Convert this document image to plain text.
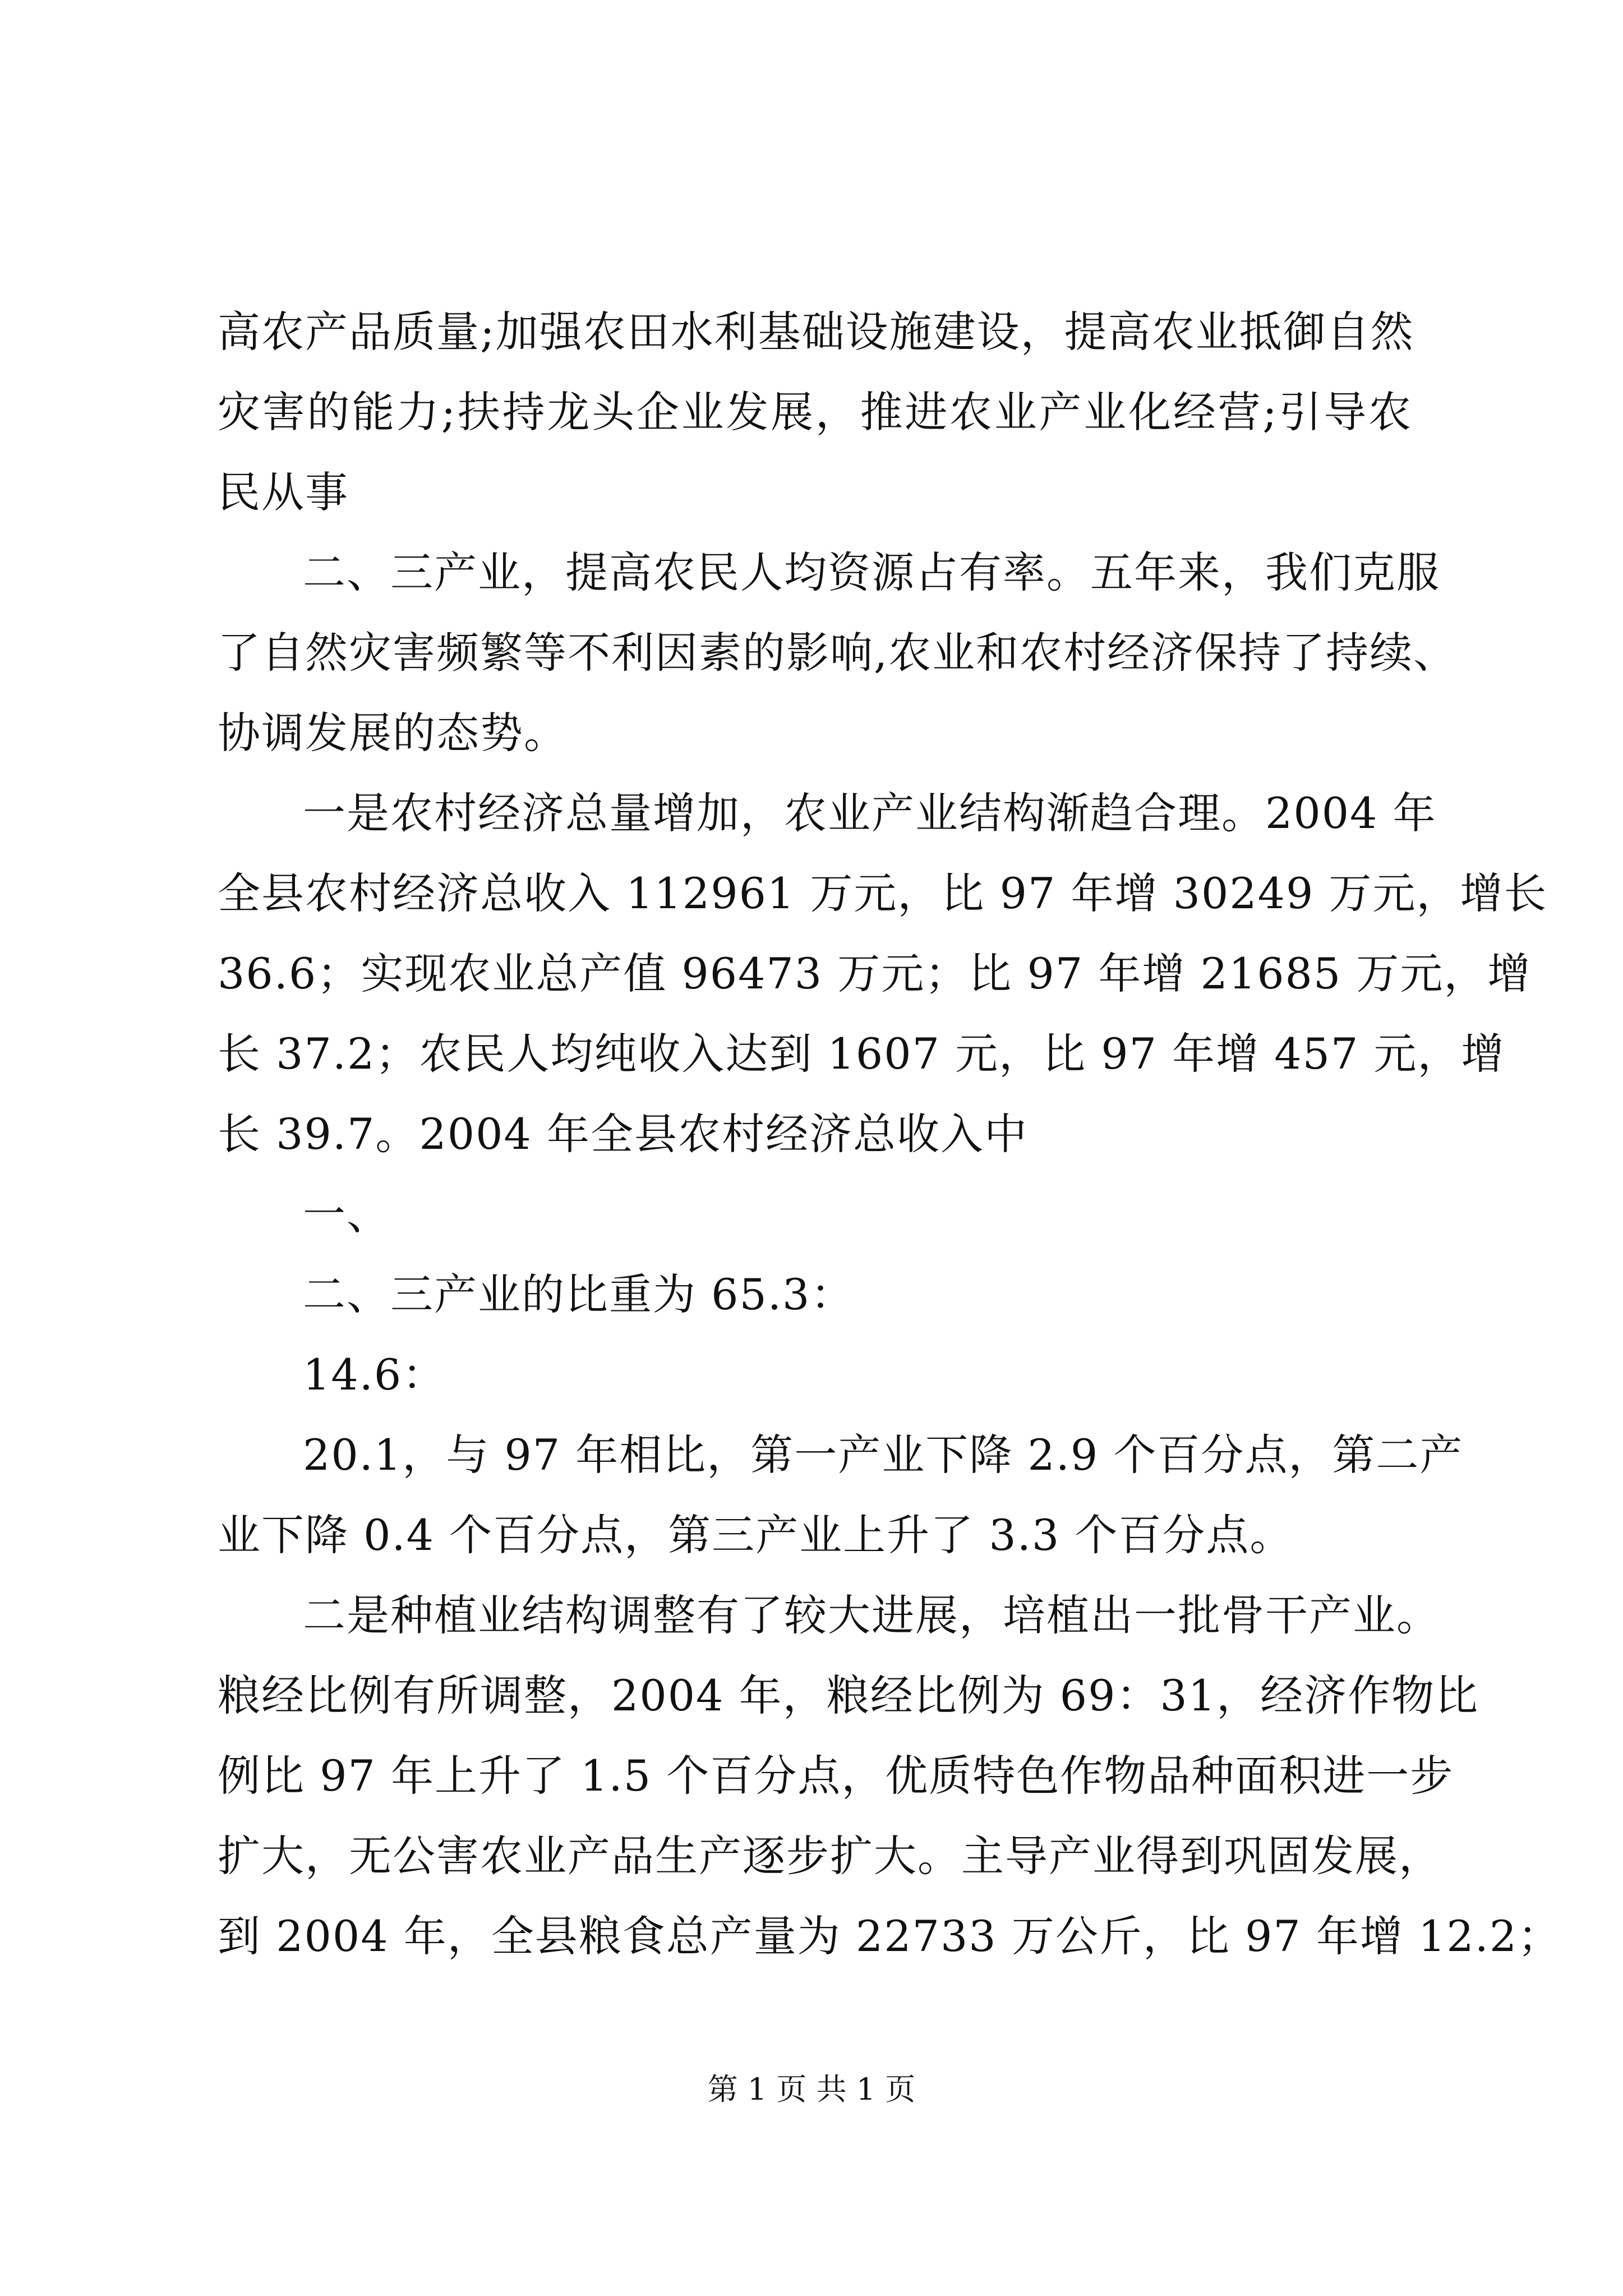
高农产品质量;加强农田水利基础设施建设，提高农业抵御自然
灾害的能力;扶持龙头企业发展，推进农业产业化经营;引导农
民从事
二、三产业，提高农民人均资源占有率。五年来，我们克服
了自然灾害频繁等不利因素的影响,农业和农村经济保持了持续、
协调发展的态势。
一是农村经济总量增加，农业产业结构渐趋合理。2004 年
全县农村经济总收入 112961 万元，比 97 年增 30249 万元，增长
36.6；实现农业总产值 96473 万元；比 97 年增 21685 万元，增
长 37.2；农民人均纯收入达到 1607 元，比 97 年增 457 元，增
长 39.7。2004 年全县农村经济总收入中
一、
二、三产业的比重为 65.3：
14.6：
20.1，与 97 年相比，第一产业下降 2.9 个百分点，第二产
业下降 0.4 个百分点，第三产业上升了 3.3 个百分点。
二是种植业结构调整有了较大进展，培植出一批骨干产业。
粮经比例有所调整，2004 年，粮经比例为 69：31，经济作物比
例比 97 年上升了 1.5 个百分点，优质特色作物品种面积进一步
扩大，无公害农业产品生产逐步扩大。主导产业得到巩固发展，
到 2004 年，全县粮食总产量为 22733 万公斤，比 97 年增 12.2；
第 1 页 共 1 页
